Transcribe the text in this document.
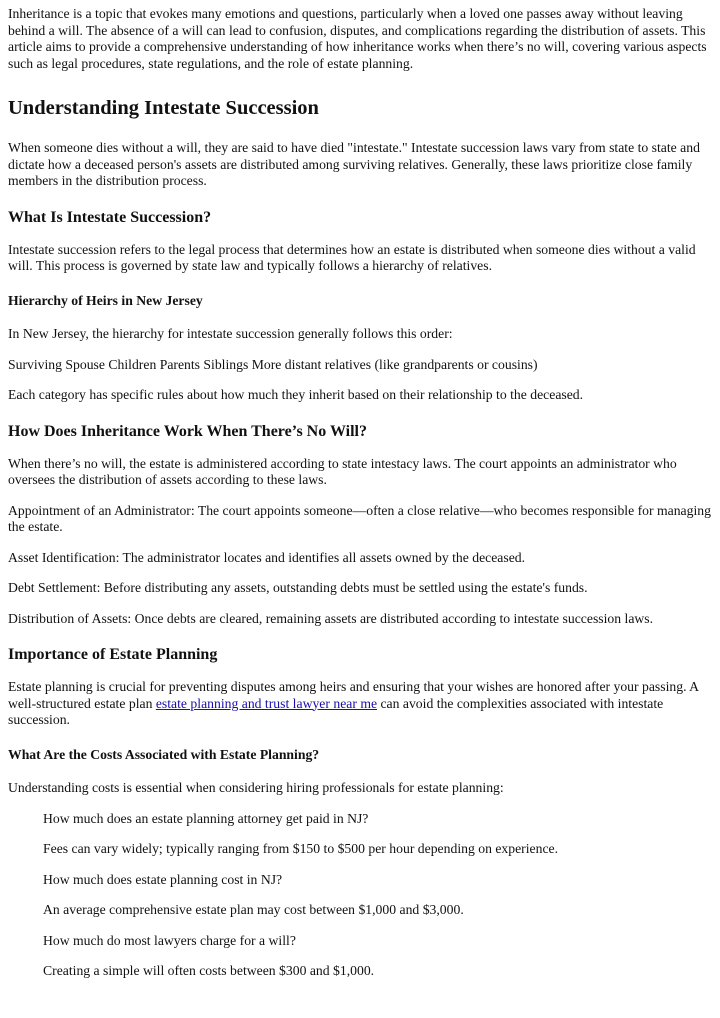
Inheritance is a topic that evokes many emotions and questions, particularly when a loved one passes away without leaving behind a will. The absence of a will can lead to confusion, disputes, and complications regarding the distribution of assets. This article aims to provide a comprehensive understanding of how inheritance works when there’s no will, covering various aspects such as legal procedures, state regulations, and the role of estate planning.

Understanding Intestate Succession

When someone dies without a will, they are said to have died "intestate." Intestate succession laws vary from state to state and dictate how a deceased person's assets are distributed among surviving relatives. Generally, these laws prioritize close family members in the distribution process.

What Is Intestate Succession?

Intestate succession refers to the legal process that determines how an estate is distributed when someone dies without a valid will. This process is governed by state law and typically follows a hierarchy of relatives.

Hierarchy of Heirs in New Jersey

In New Jersey, the hierarchy for intestate succession generally follows this order:

Surviving Spouse Children Parents Siblings More distant relatives (like grandparents or cousins)

Each category has specific rules about how much they inherit based on their relationship to the deceased.

How Does Inheritance Work When There’s No Will?

When there’s no will, the estate is administered according to state intestacy laws. The court appoints an administrator who oversees the distribution of assets according to these laws.

Appointment of an Administrator: The court appoints someone—often a close relative—who becomes responsible for managing the estate.

Asset Identification: The administrator locates and identifies all assets owned by the deceased.

Debt Settlement: Before distributing any assets, outstanding debts must be settled using the estate's funds.

Distribution of Assets: Once debts are cleared, remaining assets are distributed according to intestate succession laws.

Importance of Estate Planning

Estate planning is crucial for preventing disputes among heirs and ensuring that your wishes are honored after your passing. A well-structured estate plan estate planning and trust lawyer near me can avoid the complexities associated with intestate succession.

What Are the Costs Associated with Estate Planning?

Understanding costs is essential when considering hiring professionals for estate planning:

How much does an estate planning attorney get paid in NJ?

Fees can vary widely; typically ranging from $150 to $500 per hour depending on experience.

How much does estate planning cost in NJ?

An average comprehensive estate plan may cost between $1,000 and $3,000.

How much do most lawyers charge for a will?

Creating a simple will often costs between $300 and $1,000.
